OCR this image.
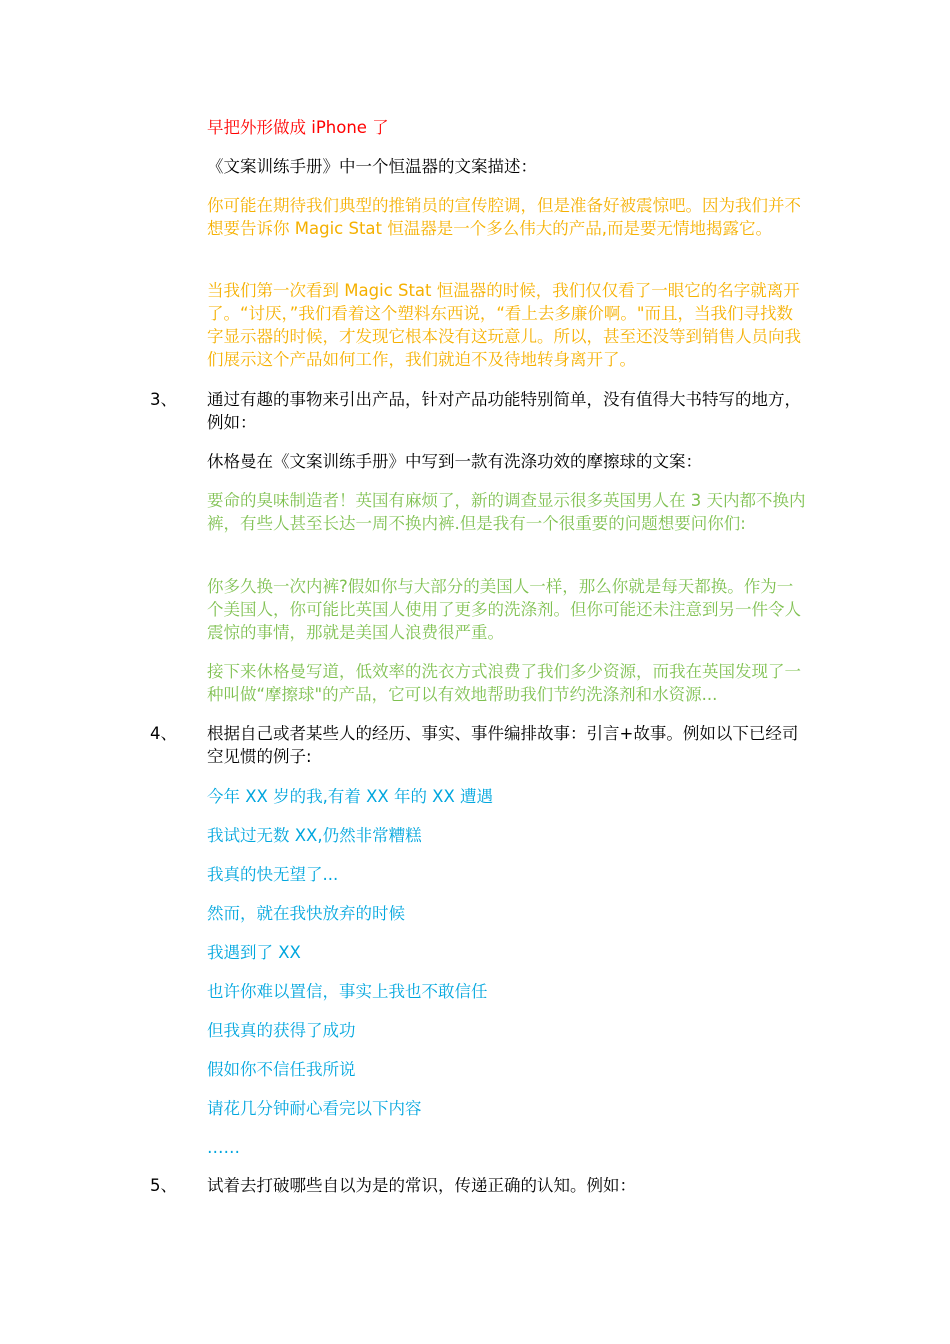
早把外形做成 iPhone 了

《文案训练手册》中一个恒温器的文案描述：

你可能在期待我们典型的推销员的宣传腔调，但是准备好被震惊吧。因为我们并不想要告诉你 Magic Stat 恒温器是一个多么伟大的产品,而是要无情地揭露它。

当我们第一次看到 Magic Stat 恒温器的时候，我们仅仅看了一眼它的名字就离开了。“讨厌，”我们看着这个塑料东西说，“看上去多廉价啊。"而且，当我们寻找数字显示器的时候，才发现它根本没有这玩意儿。所以，甚至还没等到销售人员向我们展示这个产品如何工作，我们就迫不及待地转身离开了。

3、 通过有趣的事物来引出产品，针对产品功能特别简单，没有值得大书特写的地方，例如：

休格曼在《文案训练手册》中写到一款有洗涤功效的摩擦球的文案：

要命的臭味制造者！英国有麻烦了，新的调查显示很多英国男人在 3 天内都不换内裤，有些人甚至长达一周不换内裤.但是我有一个很重要的问题想要问你们:

你多久换一次内裤?假如你与大部分的美国人一样，那么你就是每天都换。作为一个美国人，你可能比英国人使用了更多的洗涤剂。但你可能还未注意到另一件令人震惊的事情，那就是美国人浪费很严重。

接下来休格曼写道，低效率的洗衣方式浪费了我们多少资源，而我在英国发现了一种叫做“摩擦球"的产品，它可以有效地帮助我们节约洗涤剂和水资源...

4、 根据自己或者某些人的经历、事实、事件编排故事：引言+故事。例如以下已经司空见惯的例子:

今年 XX 岁的我,有着 XX 年的 XX 遭遇

我试过无数 XX,仍然非常糟糕

我真的快无望了...

然而，就在我快放弃的时候

我遇到了 XX

也许你难以置信，事实上我也不敢信任

但我真的获得了成功

假如你不信任我所说

请花几分钟耐心看完以下内容

……

5、 试着去打破哪些自以为是的常识，传递正确的认知。例如：
